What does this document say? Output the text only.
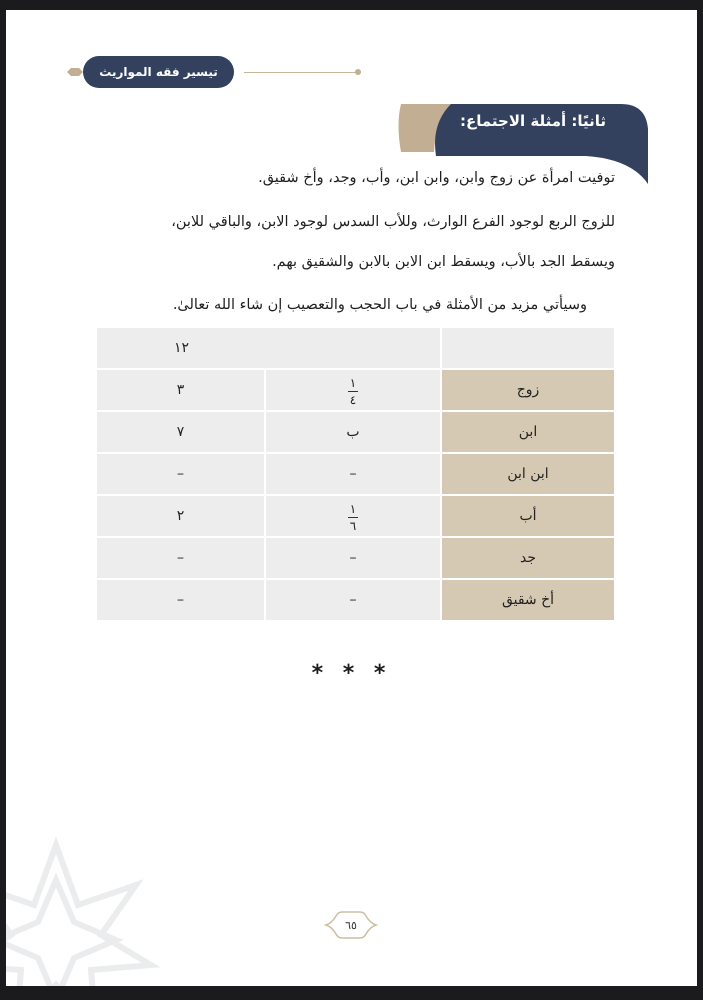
تيسير فقه المواريث
ثانيًا: أمثلة الاجتماع:
توفيت امرأة عن زوج وابن، وابن ابن، وأب، وجد، وأخ شقيق.
للزوج الربع لوجود الفرع الوارث، وللأب السدس لوجود الابن، والباقي للابن،
ويسقط الجد بالأب، ويسقط ابن الابن بالابن والشقيق بهم.
وسيأتي مزيد من الأمثلة في باب الحجب والتعصيب إن شاء الله تعالىٰ.
	١٢	
زوج	$\frac{١}{٤}$	٣
ابن	ب	٧
ابن ابن	–	–
أب	$\frac{١}{٦}$	٢
جد	–	–
أخ شقيق	–	–
* * *
٦٥
